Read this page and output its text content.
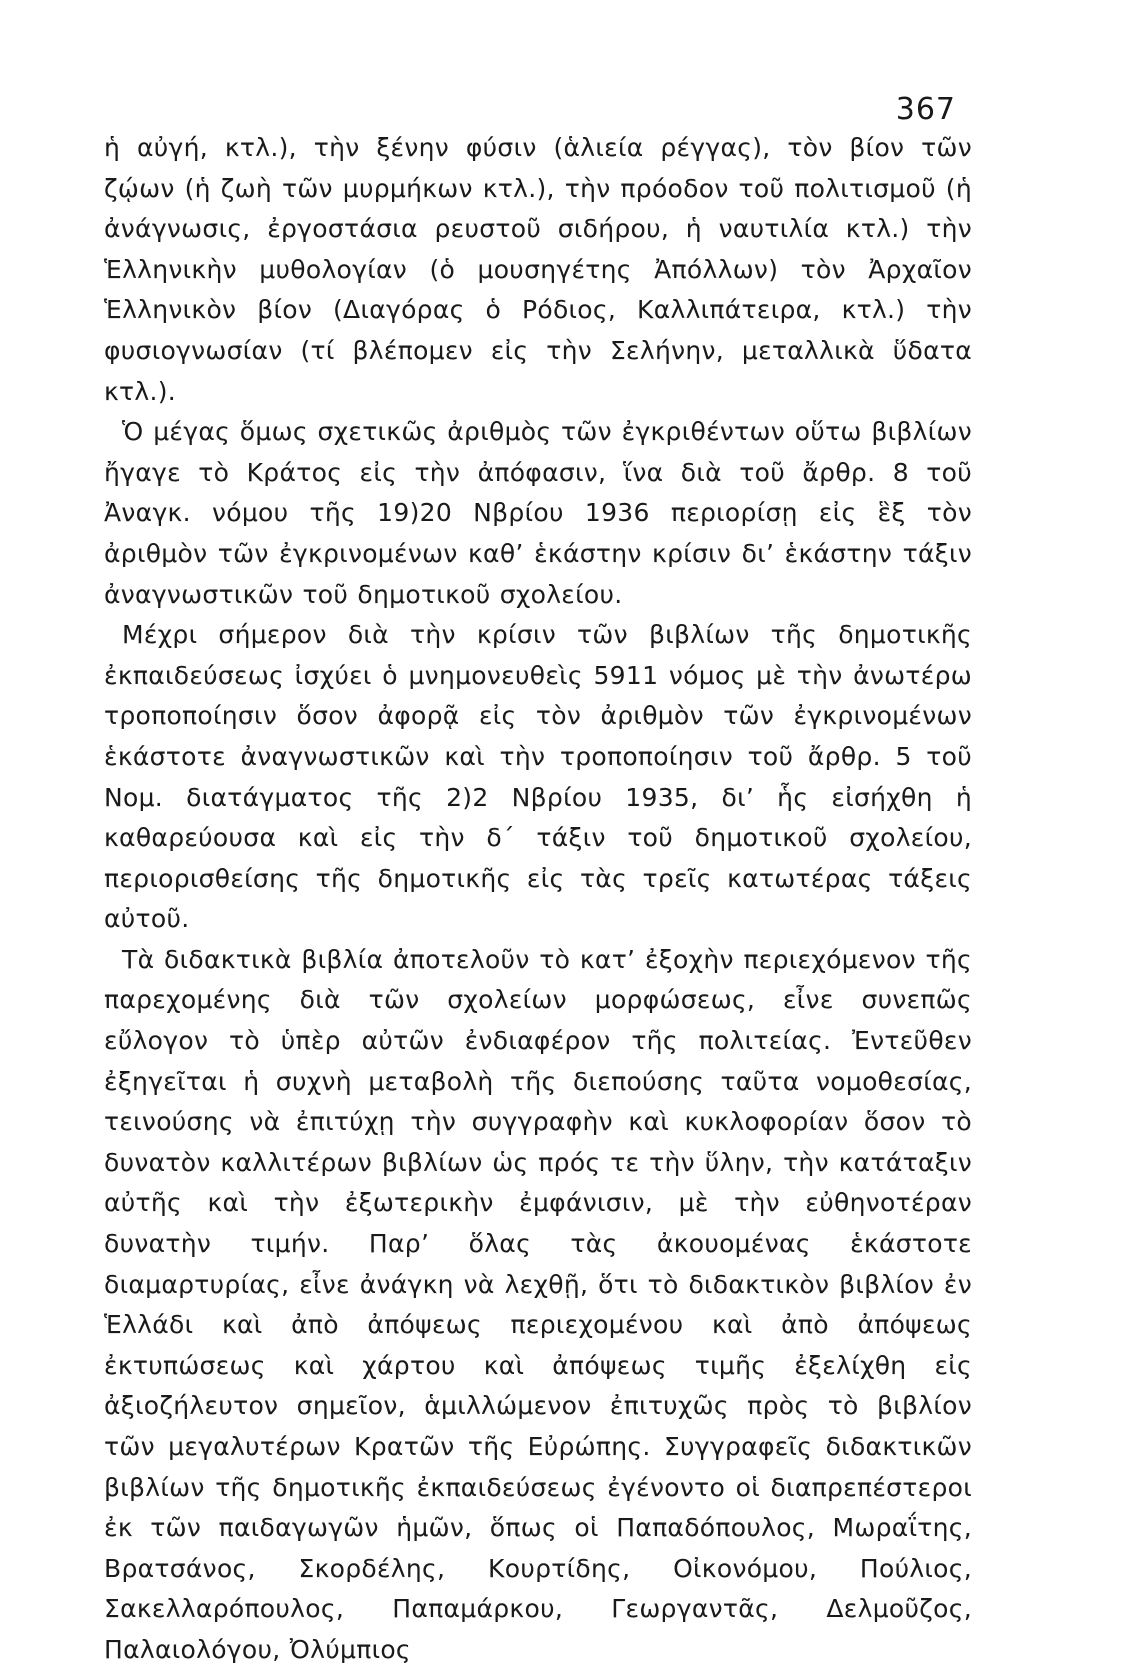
367

ἡ αὐγή, κτλ.), τὴν ξένην φύσιν (ἁλιεία ρέγγας), τὸν βίον τῶν ζῴων (ἡ ζωὴ τῶν μυρμήκων κτλ.), τὴν πρόοδον τοῦ πολιτισμοῦ (ἡ ἀνάγνωσις, ἐργοστάσια ρευστοῦ σιδήρου, ἡ ναυτιλία κτλ.) τὴν Ἑλληνικὴν μυθολογίαν (ὁ μουσηγέτης Ἀπόλλων) τὸν Ἀρχαῖον Ἑλληνικὸν βίον (Διαγόρας ὁ Ρόδιος, Καλλιπάτειρα, κτλ.) τὴν φυσιογνωσίαν (τί βλέπομεν εἰς τὴν Σελήνην, μεταλλικὰ ὕδατα κτλ.).

Ὁ μέγας ὅμως σχετικῶς ἀριθμὸς τῶν ἐγκριθέντων οὕτω βιβλίων ἤγαγε τὸ Κράτος εἰς τὴν ἀπόφασιν, ἵνα διὰ τοῦ ἄρθρ. 8 τοῦ Ἀναγκ. νόμου τῆς 19)20 Νβρίου 1936 περιορίσῃ εἰς ἓξ τὸν ἀριθμὸν τῶν ἐγκρινομένων καθ’ ἑκάστην κρίσιν δι’ ἑκάστην τάξιν ἀναγνωστικῶν τοῦ δημοτικοῦ σχολείου.

Μέχρι σήμερον διὰ τὴν κρίσιν τῶν βιβλίων τῆς δημοτικῆς ἐκπαιδεύσεως ἰσχύει ὁ μνημονευθεὶς 5911 νόμος μὲ τὴν ἀνωτέρω τροποποίησιν ὅσον ἀφορᾷ εἰς τὸν ἀριθμὸν τῶν ἐγκρινομένων ἑκάστοτε ἀναγνωστικῶν καὶ τὴν τροποποίησιν τοῦ ἄρθρ. 5 τοῦ Νομ. διατάγματος τῆς 2)2 Νβρίου 1935, δι’ ἧς εἰσήχθη ἡ καθαρεύουσα καὶ εἰς τὴν δ΄ τάξιν τοῦ δημοτικοῦ σχολείου, περιορισθείσης τῆς δημοτικῆς εἰς τὰς τρεῖς κατωτέρας τάξεις αὐτοῦ.

Τὰ διδακτικὰ βιβλία ἀποτελοῦν τὸ κατ’ ἐξοχὴν περιεχόμενον τῆς παρεχομένης διὰ τῶν σχολείων μορφώσεως, εἶνε συνεπῶς εὔλογον τὸ ὑπὲρ αὐτῶν ἐνδιαφέρον τῆς πολιτείας. Ἐντεῦθεν ἐξηγεῖται ἡ συχνὴ μεταβολὴ τῆς διεπούσης ταῦτα νομοθεσίας, τεινούσης νὰ ἐπιτύχῃ τὴν συγγραφὴν καὶ κυκλοφορίαν ὅσον τὸ δυνατὸν καλλιτέρων βιβλίων ὡς πρός τε τὴν ὕλην, τὴν κατάταξιν αὐτῆς καὶ τὴν ἐξωτερικὴν ἐμφάνισιν, μὲ τὴν εὐθηνοτέραν δυνατὴν τιμήν. Παρ’ ὅλας τὰς ἀκουομένας ἑκάστοτε διαμαρτυρίας, εἶνε ἀνάγκη νὰ λεχθῇ, ὅτι τὸ διδακτικὸν βιβλίον ἐν Ἑλλάδι καὶ ἀπὸ ἀπόψεως περιεχομένου καὶ ἀπὸ ἀπόψεως ἐκτυπώσεως καὶ χάρτου καὶ ἀπόψεως τιμῆς ἐξελίχθη εἰς ἀξιοζήλευτον σημεῖον, ἁμιλλώμενον ἐπιτυχῶς πρὸς τὸ βιβλίον τῶν μεγαλυτέρων Κρατῶν τῆς Εὐρώπης. Συγγραφεῖς διδακτικῶν βιβλίων τῆς δημοτικῆς ἐκπαιδεύσεως ἐγένοντο οἱ διαπρεπέστεροι ἐκ τῶν παιδαγωγῶν ἡμῶν, ὅπως οἱ Παπαδόπουλος, Μωραΐτης, Βρατσάνος, Σκορδέλης, Κουρτίδης, Οἰκονόμου, Πούλιος, Σακελλαρόπουλος, Παπαμάρκου, Γεωργαντᾶς, Δελμοῦζος, Παλαιολόγου, Ὀλύμπιος
